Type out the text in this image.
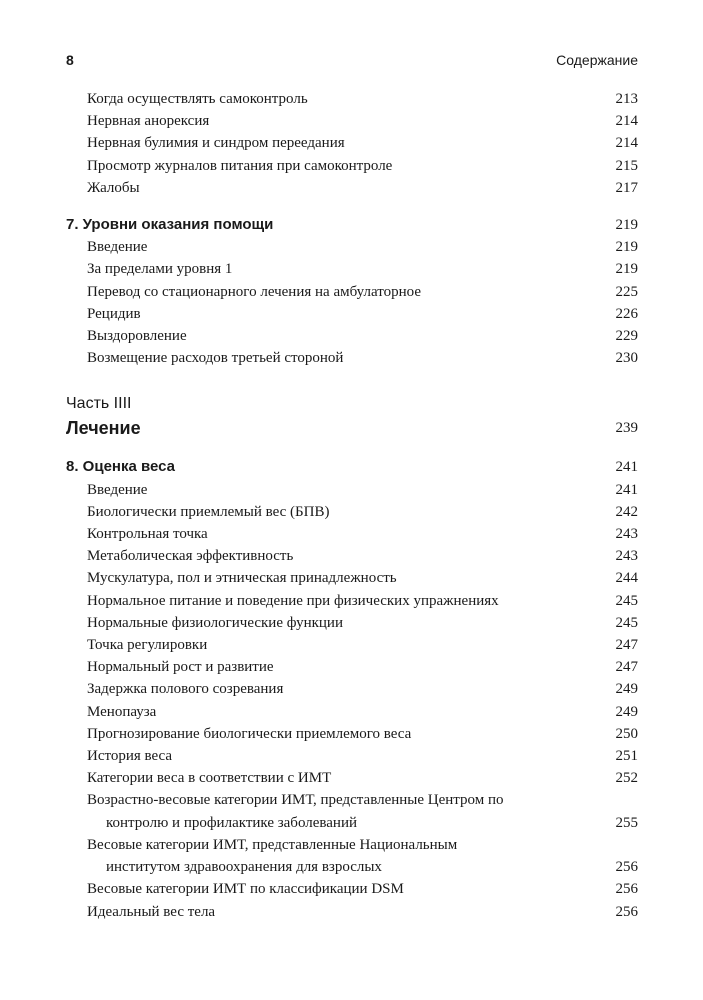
8	Содержание
Когда осуществлять самоконтроль	213
Нервная анорексия	214
Нервная булимия и синдром переедания	214
Просмотр журналов питания при самоконтроле	215
Жалобы	217
7. Уровни оказания помощи	219
Введение	219
За пределами уровня 1	219
Перевод со стационарного лечения на амбулаторное	225
Рецидив	226
Выздоровление	229
Возмещение расходов третьей стороной	230
Часть IIII
Лечение	239
8. Оценка веса	241
Введение	241
Биологически приемлемый вес (БПВ)	242
Контрольная точка	243
Метаболическая эффективность	243
Мускулатура, пол и этническая принадлежность	244
Нормальное питание и поведение при физических упражнениях	245
Нормальные физиологические функции	245
Точка регулировки	247
Нормальный рост и развитие	247
Задержка полового созревания	249
Менопауза	249
Прогнозирование биологически приемлемого веса	250
История веса	251
Категории веса в соответствии с ИМТ	252
Возрастно-весовые категории ИМТ, представленные Центром по
контролю и профилактике заболеваний	255
Весовые категории ИМТ, представленные Национальным
институтом здравоохранения для взрослых	256
Весовые категории ИМТ по классификации DSM	256
Идеальный вес тела	256
